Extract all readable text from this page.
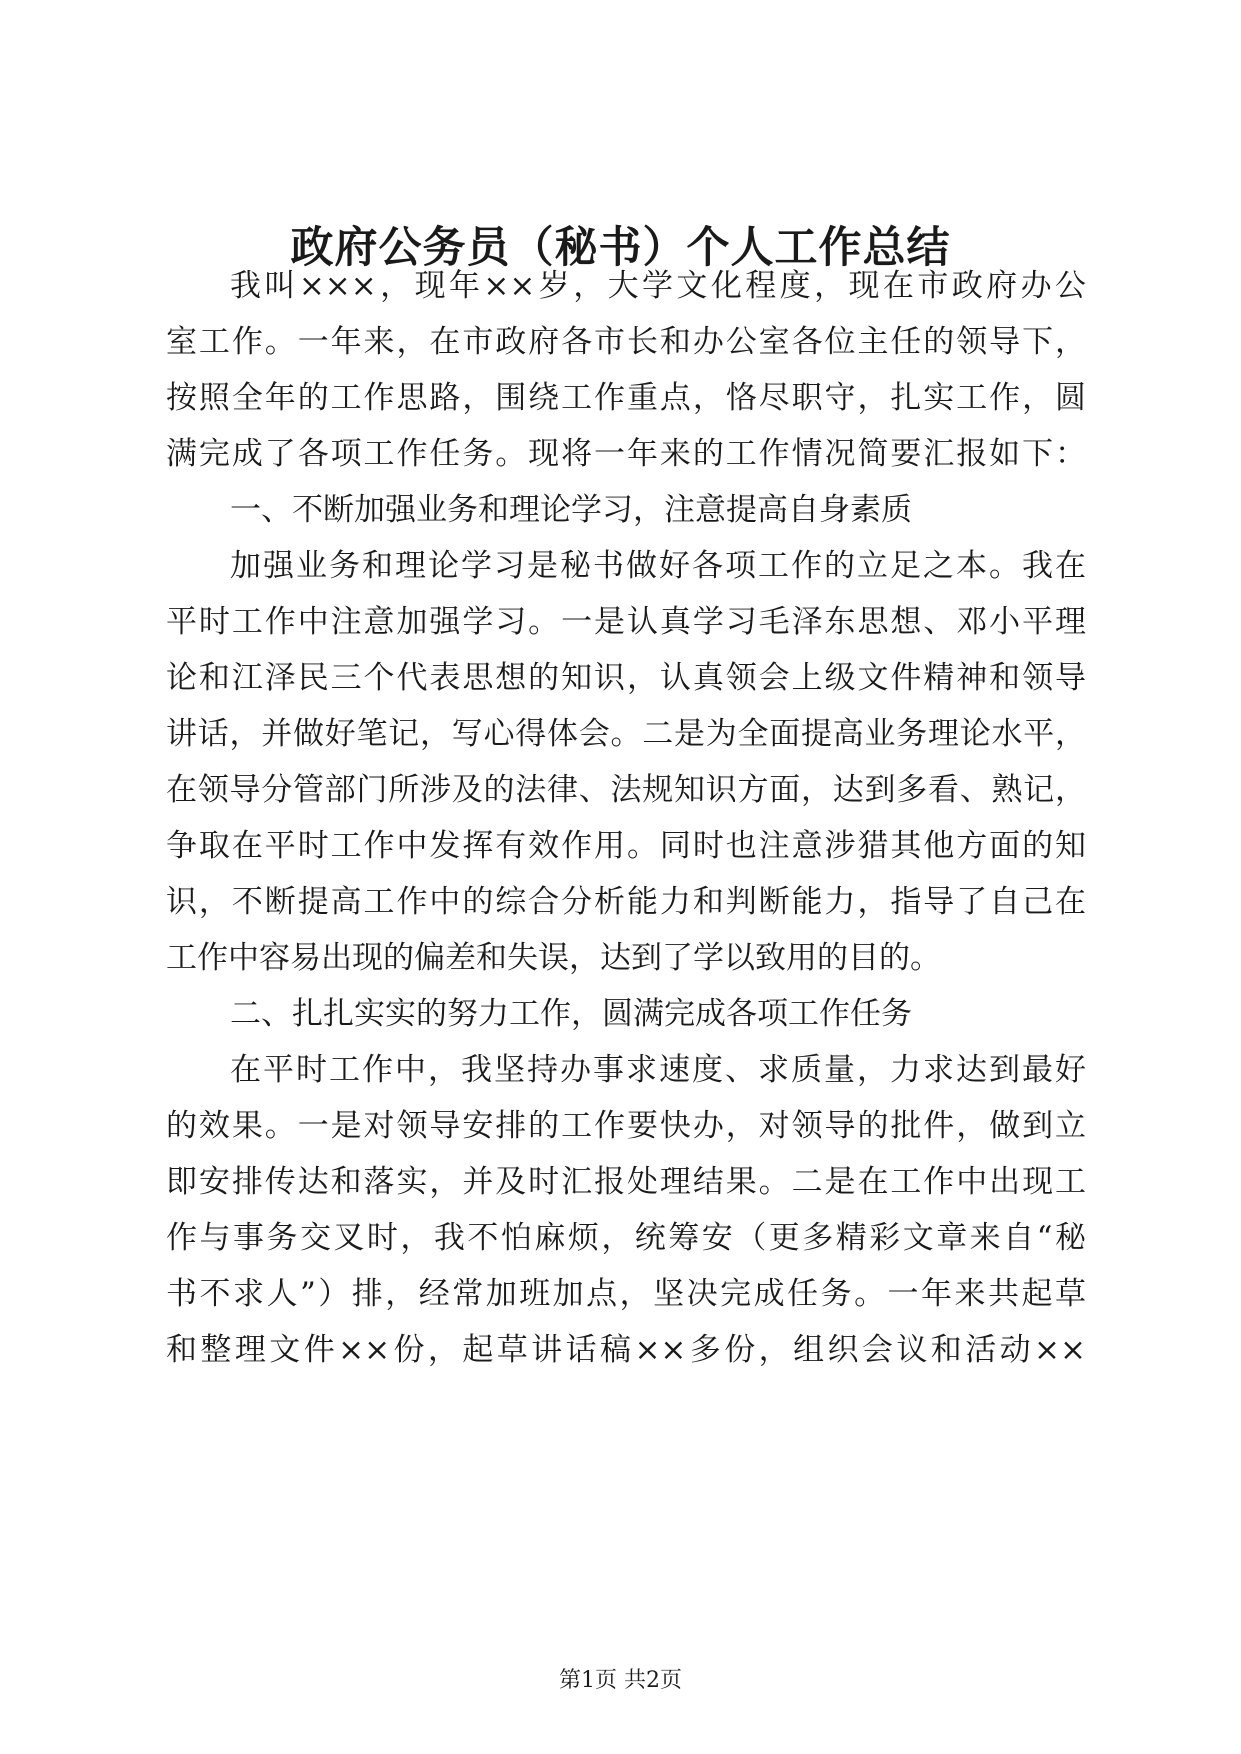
政府公务员（秘书）个人工作总结
我叫×××，现年××岁，大学文化程度，现在市政府办公
室工作。一年来，在市政府各市长和办公室各位主任的领导下，
按照全年的工作思路，围绕工作重点，恪尽职守，扎实工作，圆
满完成了各项工作任务。现将一年来的工作情况简要汇报如下：
一、不断加强业务和理论学习，注意提高自身素质
加强业务和理论学习是秘书做好各项工作的立足之本。我在
平时工作中注意加强学习。一是认真学习毛泽东思想、邓小平理
论和江泽民三个代表思想的知识，认真领会上级文件精神和领导
讲话，并做好笔记，写心得体会。二是为全面提高业务理论水平，
在领导分管部门所涉及的法律、法规知识方面，达到多看、熟记，
争取在平时工作中发挥有效作用。同时也注意涉猎其他方面的知
识，不断提高工作中的综合分析能力和判断能力，指导了自己在
工作中容易出现的偏差和失误，达到了学以致用的目的。
二、扎扎实实的努力工作，圆满完成各项工作任务
在平时工作中，我坚持办事求速度、求质量，力求达到最好
的效果。一是对领导安排的工作要快办，对领导的批件，做到立
即安排传达和落实，并及时汇报处理结果。二是在工作中出现工
作与事务交叉时，我不怕麻烦，统筹安（更多精彩文章来自“秘
书不求人”）排，经常加班加点，坚决完成任务。一年来共起草
和整理文件××份，起草讲话稿××多份，组织会议和活动××
第1页 共2页
